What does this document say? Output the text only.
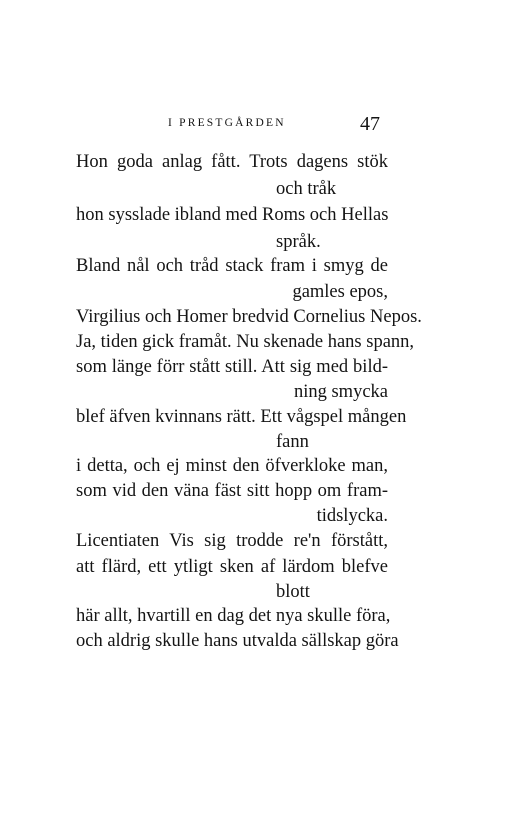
I PRESTGÅRDEN	47
Hon goda anlag fått. Trots dagens stök
och tråk
hon sysslade ibland med Roms och Hellas
språk.
Bland nål och tråd stack fram i smyg de
gamles epos,
Virgilius och Homer bredvid Cornelius Nepos.
Ja, tiden gick framåt. Nu skenade hans spann,
som länge förr stått still. Att sig med bild-
ning smycka
blef äfven kvinnans rätt. Ett vågspel mången
fann
i detta, och ej minst den öfverkloke man,
som vid den väna fäst sitt hopp om fram-
tidslycka.
Licentiaten Vis sig trodde re'n förstått,
att flärd, ett ytligt sken af lärdom blefve
blott
här allt, hvartill en dag det nya skulle föra,
och aldrig skulle hans utvalda sällskap göra
